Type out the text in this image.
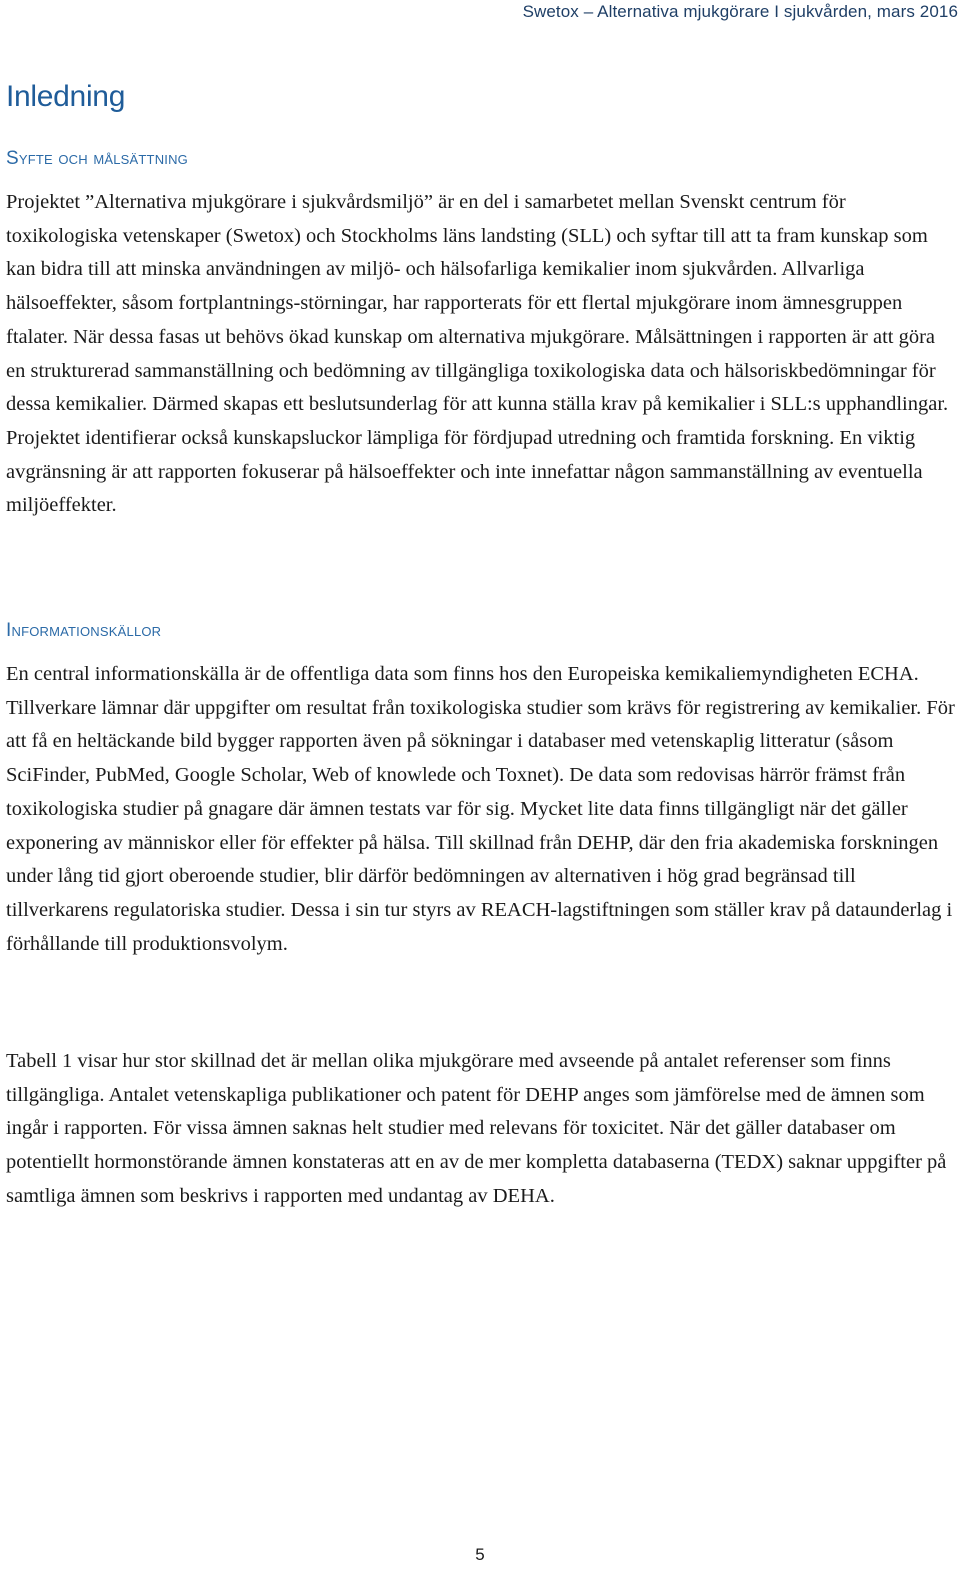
Swetox – Alternativa mjukgörare I sjukvården, mars 2016
Inledning
Syfte och målsättning

Projektet ”Alternativa mjukgörare i sjukvårdsmiljö” är en del i samarbetet mellan Svenskt centrum för toxikologiska vetenskaper (Swetox) och Stockholms läns landsting (SLL) och syftar till att ta fram kunskap som kan bidra till att minska användningen av miljö- och hälsofarliga kemikalier inom sjukvården. Allvarliga hälsoeffekter, såsom fortplantnings-störningar, har rapporterats för ett flertal mjukgörare inom ämnesgruppen ftalater. När dessa fasas ut behövs ökad kunskap om alternativa mjukgörare. Målsättningen i rapporten är att göra en strukturerad sammanställning och bedömning av tillgängliga toxikologiska data och hälsoriskbedömningar för dessa kemikalier. Därmed skapas ett beslutsunderlag för att kunna ställa krav på kemikalier i SLL:s upphandlingar. Projektet identifierar också kunskapsluckor lämpliga för fördjupad utredning och framtida forskning. En viktig avgränsning är att rapporten fokuserar på hälsoeffekter och inte innefattar någon sammanställning av eventuella miljöeffekter.

Informationskällor

En central informationskälla är de offentliga data som finns hos den Europeiska kemikaliemyndigheten ECHA. Tillverkare lämnar där uppgifter om resultat från toxikologiska studier som krävs för registrering av kemikalier. För att få en heltäckande bild bygger rapporten även på sökningar i databaser med vetenskaplig litteratur (såsom SciFinder, PubMed, Google Scholar, Web of knowlede och Toxnet). De data som redovisas härrör främst från toxikologiska studier på gnagare där ämnen testats var för sig. Mycket lite data finns tillgängligt när det gäller exponering av människor eller för effekter på hälsa. Till skillnad från DEHP, där den fria akademiska forskningen under lång tid gjort oberoende studier, blir därför bedömningen av alternativen i hög grad begränsad till tillverkarens regulatoriska studier. Dessa i sin tur styrs av REACH-lagstiftningen som ställer krav på dataunderlag i förhållande till produktionsvolym.

Tabell 1 visar hur stor skillnad det är mellan olika mjukgörare med avseende på antalet referenser som finns tillgängliga. Antalet vetenskapliga publikationer och patent för DEHP anges som jämförelse med de ämnen som ingår i rapporten. För vissa ämnen saknas helt studier med relevans för toxicitet. När det gäller databaser om potentiellt hormonstörande ämnen konstateras att en av de mer kompletta databaserna (TEDX) saknar uppgifter på samtliga ämnen som beskrivs i rapporten med undantag av DEHA.

5
